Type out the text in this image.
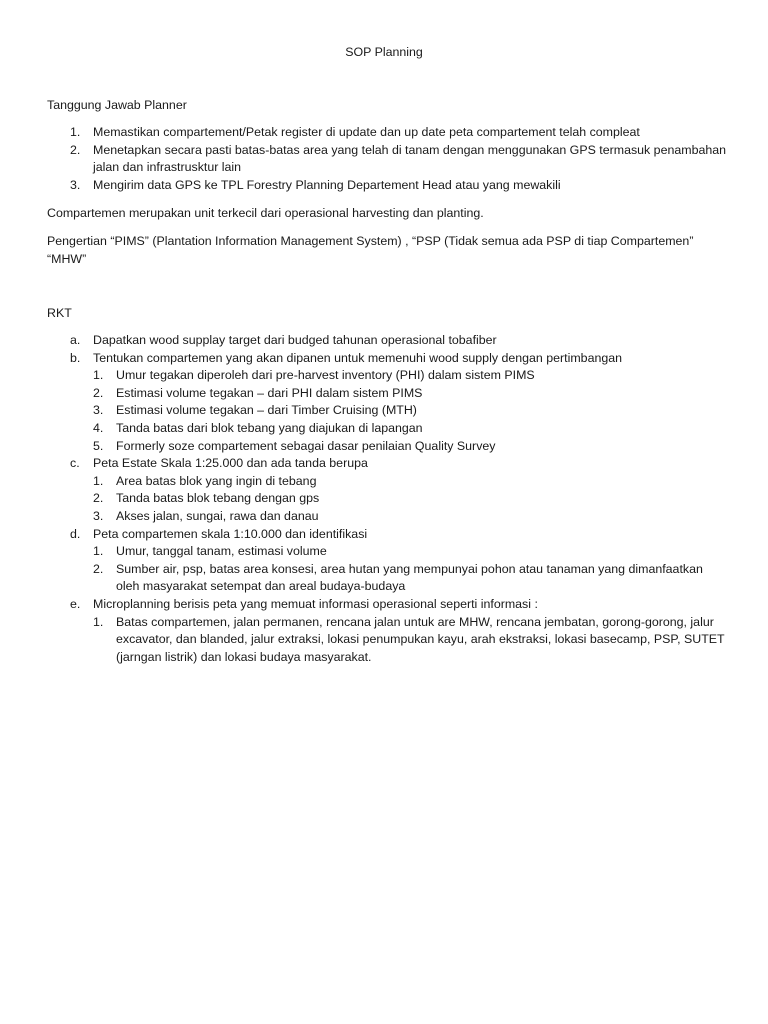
SOP Planning
Tanggung Jawab Planner
1. Memastikan compartement/Petak register di update dan up date peta compartement telah compleat
2. Menetapkan secara pasti batas-batas area yang telah di tanam dengan menggunakan GPS termasuk penambahan jalan dan infrastrusktur lain
3. Mengirim data GPS ke TPL Forestry Planning Departement Head atau yang mewakili
Compartemen merupakan unit terkecil dari operasional harvesting dan planting.
Pengertian “PIMS” (Plantation Information Management System) , “PSP (Tidak semua ada PSP di tiap Compartemen” “MHW”
RKT
a. Dapatkan wood supplay target dari budged tahunan operasional tobafiber
b. Tentukan compartemen yang akan dipanen untuk memenuhi wood supply dengan pertimbangan
1. Umur tegakan diperoleh dari pre-harvest inventory (PHI) dalam sistem PIMS
2. Estimasi volume tegakan – dari PHI dalam sistem PIMS
3. Estimasi volume tegakan – dari Timber Cruising (MTH)
4. Tanda batas dari blok tebang yang diajukan di lapangan
5. Formerly soze compartement sebagai dasar penilaian Quality Survey
c. Peta Estate Skala 1:25.000 dan ada tanda berupa
1. Area batas blok yang ingin di tebang
2. Tanda batas blok tebang dengan gps
3. Akses jalan, sungai, rawa dan danau
d. Peta compartemen skala 1:10.000 dan identifikasi
1. Umur, tanggal tanam, estimasi volume
2. Sumber air, psp, batas area konsesi, area hutan yang mempunyai pohon atau tanaman yang dimanfaatkan oleh masyarakat setempat dan areal budaya-budaya
e. Microplanning berisis peta yang memuat informasi operasional seperti informasi :
1. Batas compartemen, jalan permanen, rencana jalan untuk are MHW, rencana jembatan, gorong-gorong, jalur excavator, dan blanded, jalur extraksi, lokasi penumpukan kayu, arah ekstraksi, lokasi basecamp, PSP, SUTET (jarngan listrik) dan lokasi budaya masyarakat.
